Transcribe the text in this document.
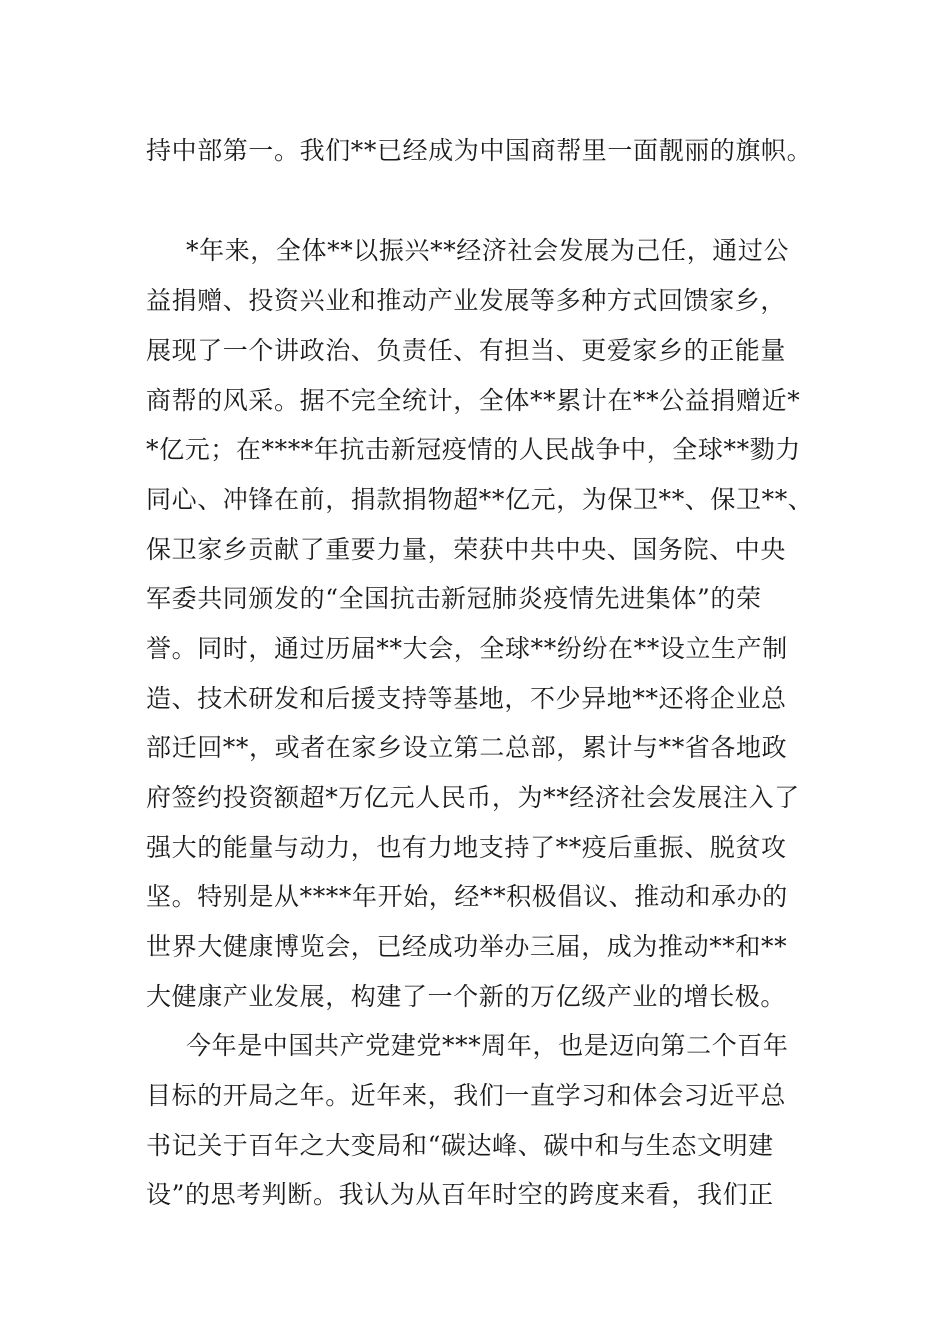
持中部第一。我们**已经成为中国商帮里一面靓丽的旗帜。
*年来，全体**以振兴**经济社会发展为己任，通过公
益捐赠、投资兴业和推动产业发展等多种方式回馈家乡，
展现了一个讲政治、负责任、有担当、更爱家乡的正能量
商帮的风采。据不完全统计，全体**累计在**公益捐赠近*
*亿元；在****年抗击新冠疫情的人民战争中，全球**勠力
同心、冲锋在前，捐款捐物超**亿元，为保卫**、保卫**、
保卫家乡贡献了重要力量，荣获中共中央、国务院、中央
军委共同颁发的“全国抗击新冠肺炎疫情先进集体”的荣
誉。同时，通过历届**大会，全球**纷纷在**设立生产制
造、技术研发和后援支持等基地，不少异地**还将企业总
部迁回**，或者在家乡设立第二总部，累计与**省各地政
府签约投资额超*万亿元人民币，为**经济社会发展注入了
强大的能量与动力，也有力地支持了**疫后重振、脱贫攻
坚。特别是从****年开始，经**积极倡议、推动和承办的
世界大健康博览会，已经成功举办三届，成为推动**和**
大健康产业发展，构建了一个新的万亿级产业的增长极。
今年是中国共产党建党***周年，也是迈向第二个百年
目标的开局之年。近年来，我们一直学习和体会习近平总
书记关于百年之大变局和“碳达峰、碳中和与生态文明建
设”的思考判断。我认为从百年时空的跨度来看，我们正
